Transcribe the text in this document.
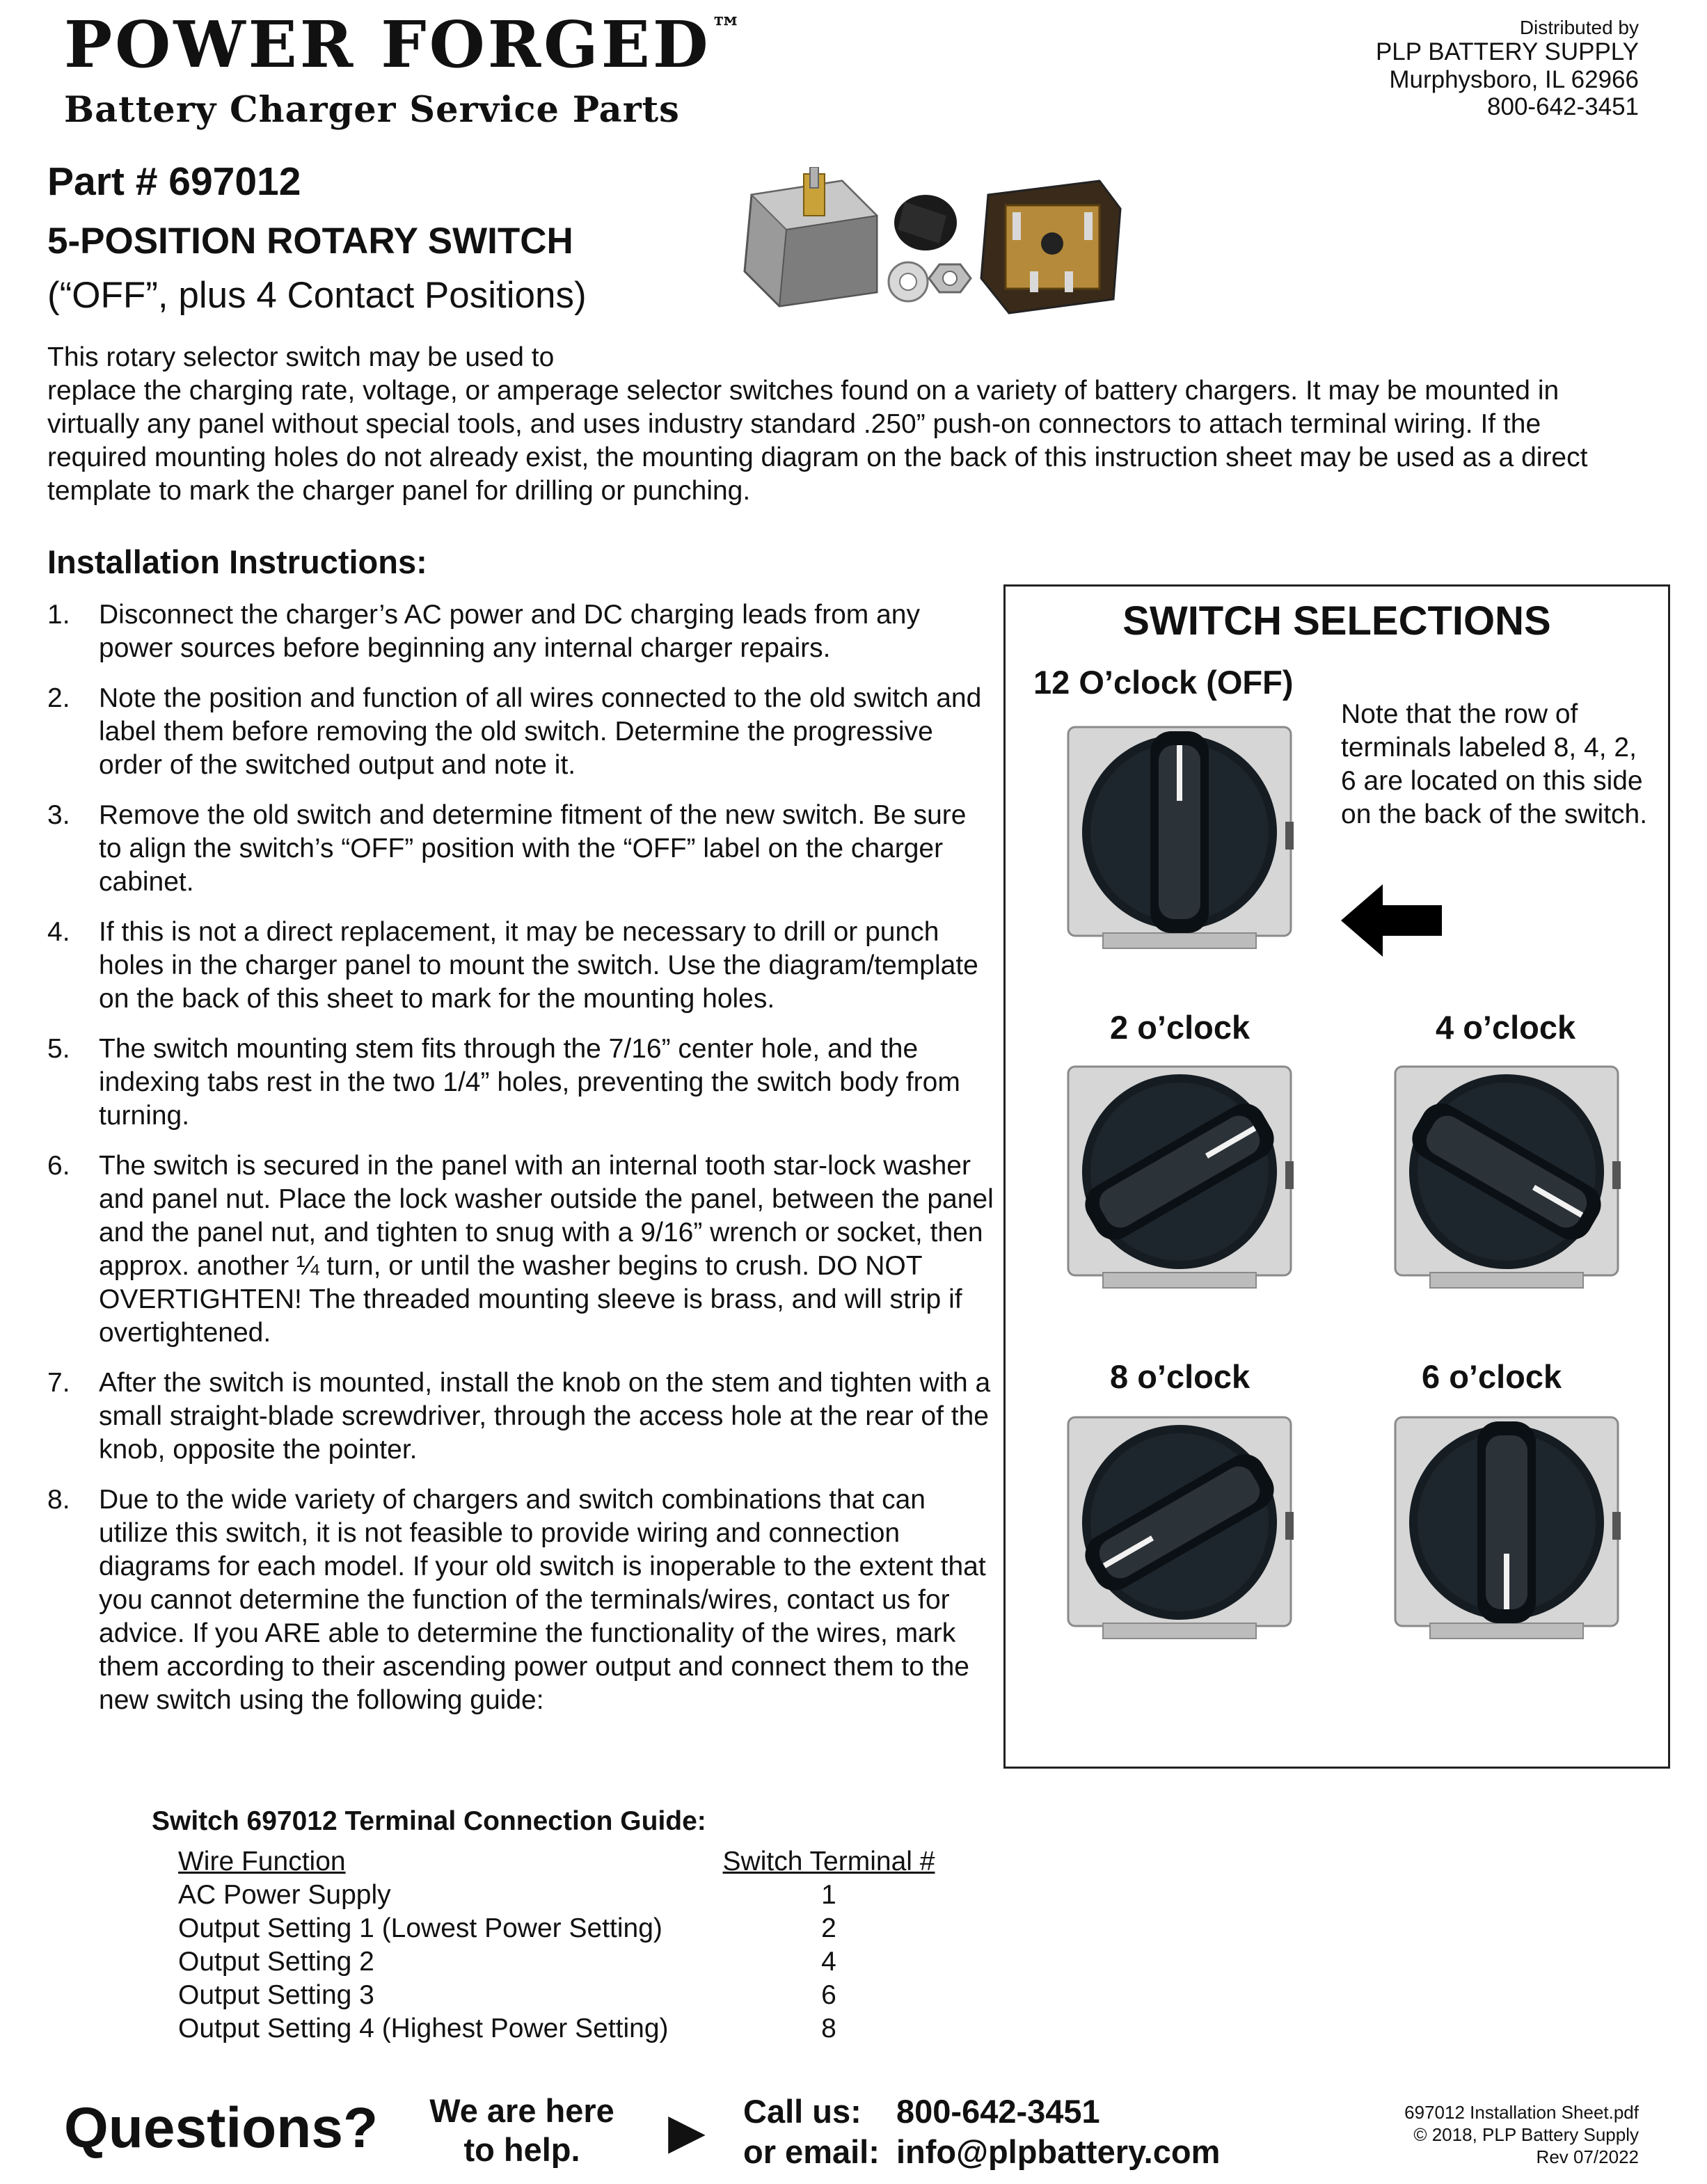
POWER FORGED™
Battery Charger Service Parts
Distributed by
PLP BATTERY SUPPLY
Murphysboro, IL 62966
800-642-3451
Part # 697012
5-POSITION ROTARY SWITCH
(“OFF”, plus 4 Contact Positions)

This rotary selector switch may be used to

replace the charging rate, voltage, or amperage selector switches found on a variety of battery chargers. It may be mounted in virtually any panel without special tools, and uses industry standard .250” push-on connectors to attach terminal wiring. If the required mounting holes do not already exist, the mounting diagram on the back of this instruction sheet may be used as a direct template to mark the charger panel for drilling or punching.

Installation Instructions:
1.	Disconnect the charger’s AC power and DC charging leads from any power sources before beginning any internal charger repairs.
2.	Note the position and function of all wires connected to the old switch and label them before removing the old switch. Determine the progressive order of the switched output and note it.
3.	Remove the old switch and determine fitment of the new switch. Be sure to align the switch’s “OFF” position with the “OFF” label on the charger cabinet.
4.	If this is not a direct replacement, it may be necessary to drill or punch holes in the charger panel to mount the switch. Use the diagram/template on the back of this sheet to mark for the mounting holes.
5.	The switch mounting stem fits through the 7/16” center hole, and the indexing tabs rest in the two 1/4” holes, preventing the switch body from turning.
6.	The switch is secured in the panel with an internal tooth star-lock washer and panel nut. Place the lock washer outside the panel, between the panel and the panel nut, and tighten to snug with a 9/16” wrench or socket, then approx. another ¼ turn, or until the washer begins to crush. DO NOT OVERTIGHTEN! The threaded mounting sleeve is brass, and will strip if overtightened.
7.	After the switch is mounted, install the knob on the stem and tighten with a small straight-blade screwdriver, through the access hole at the rear of the knob, opposite the pointer.
8.	Due to the wide variety of chargers and switch combinations that can utilize this switch, it is not feasible to provide wiring and connection diagrams for each model. If your old switch is inoperable to the extent that you cannot determine the function of the terminals/wires, contact us for advice. If you ARE able to determine the functionality of the wires, mark them according to their ascending power output and connect them to the new switch using the following guide:
Switch 697012 Terminal Connection Guide:
Wire Function	Switch Terminal #
AC Power Supply	1
Output Setting 1 (Lowest Power Setting)	2
Output Setting 2	4
Output Setting 3	6
Output Setting 4 (Highest Power Setting)	8
SWITCH SELECTIONS
12 O’clock (OFF)
Note that the row of terminals labeled 8, 4, 2, 6 are located on this side on the back of the switch.
2 o’clock	4 o’clock
8 o’clock	6 o’clock
Questions?	We are here
to help.	▶ Call us: 800-642-3451
or email: info@plpbattery.com
697012 Installation Sheet.pdf
© 2018, PLP Battery Supply
Rev 07/2022
